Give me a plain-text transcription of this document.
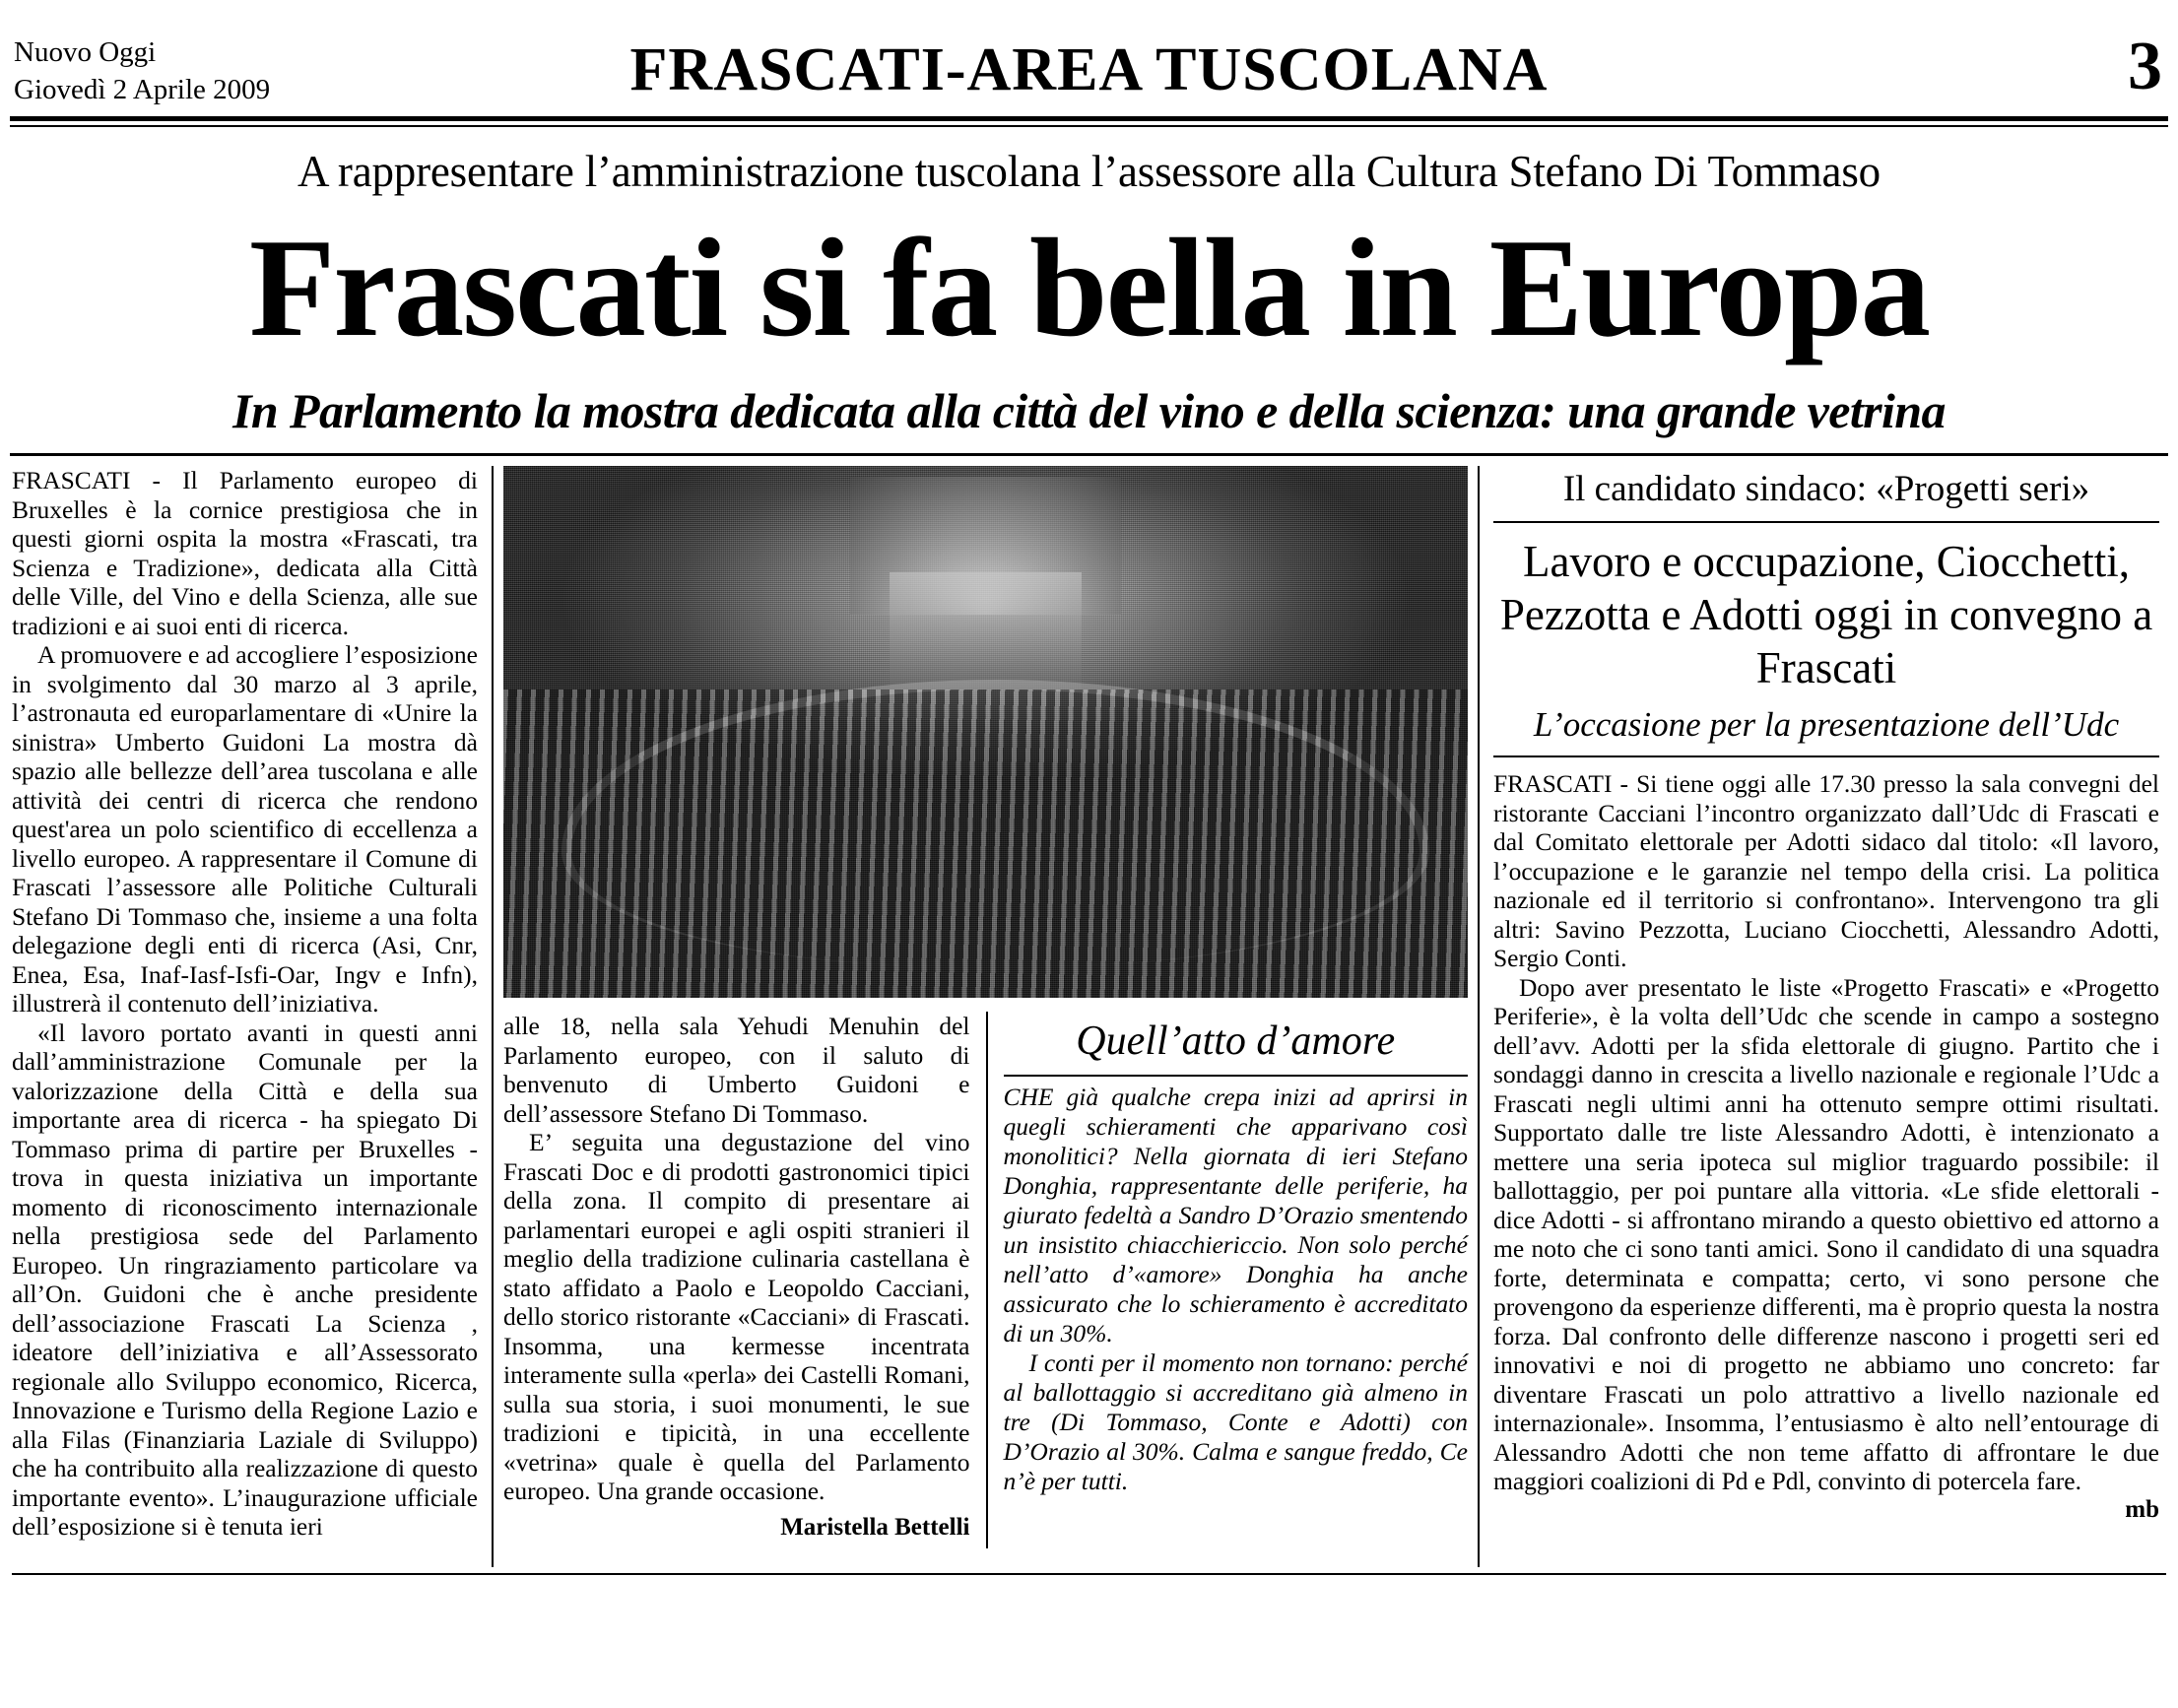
Nuovo Oggi
Giovedì 2 Aprile 2009	FRASCATI-AREA TUSCOLANA	3
A rappresentare l’amministrazione tuscolana l’assessore alla Cultura Stefano Di Tommaso
Frascati si fa bella in Europa
In Parlamento la mostra dedicata alla città del vino e della scienza: una grande vetrina

FRASCATI - Il Parlamento europeo di Bruxelles è la cornice prestigiosa che in questi giorni ospita la mostra «Frascati, tra Scienza e Tradizione», dedicata alla Città delle Ville, del Vino e della Scienza, alle sue tradizioni e ai suoi enti di ricerca.

A promuovere e ad accogliere l’esposizione in svolgimento dal 30 marzo al 3 aprile, l’astronauta ed europarlamentare di «Unire la sinistra» Umberto Guidoni La mostra dà spazio alle bellezze dell’area tuscolana e alle attività dei centri di ricerca che rendono quest'area un polo scientifico di eccellenza a livello europeo. A rappresentare il Comune di Frascati l’assessore alle Politiche Culturali Stefano Di Tommaso che, insieme a una folta delegazione degli enti di ricerca (Asi, Cnr, Enea, Esa, Inaf-Iasf-Isfi-Oar, Ingv e Infn), illustrerà il contenuto dell’iniziativa.

«Il lavoro portato avanti in questi anni dall’amministrazione Comunale per la valorizzazione della Città e della sua importante area di ricerca - ha spiegato Di Tommaso prima di partire per Bruxelles - trova in questa iniziativa un importante momento di riconoscimento internazionale nella prestigiosa sede del Parlamento Europeo. Un ringraziamento particolare va all’On. Guidoni che è anche presidente dell’associazione Frascati La Scienza , ideatore dell’iniziativa e all’Assessorato regionale allo Sviluppo economico, Ricerca, Innovazione e Turismo della Regione Lazio e alla Filas (Finanziaria Laziale di Sviluppo) che ha contribuito alla realizzazione di questo importante evento». L’inaugurazione ufficiale dell’esposizione si è tenuta ieri

alle 18, nella sala Yehudi Menuhin del Parlamento europeo, con il saluto di benvenuto di Umberto Guidoni e dell’assessore Stefano Di Tommaso.

E’ seguita una degustazione del vino Frascati Doc e di prodotti gastronomici tipici della zona. Il compito di presentare ai parlamentari europei e agli ospiti stranieri il meglio della tradizione culinaria castellana è stato affidato a Paolo e Leopoldo Cacciani, dello storico ristorante «Cacciani» di Frascati. Insomma, una kermesse incentrata interamente sulla «perla» dei Castelli Romani, sulla sua storia, i suoi monumenti, le sue tradizioni e tipicità, in una eccellente «vetrina» quale è quella del Parlamento europeo. Una grande occasione.

Maristella Bettelli
Quell’atto d’amore

CHE già qualche crepa inizi ad aprirsi in quegli schieramenti che apparivano così monolitici? Nella giornata di ieri Stefano Donghia, rappresentante delle periferie, ha giurato fedeltà a Sandro D’Orazio smentendo un insistito chiacchiericcio. Non solo perché nell’atto d’«amore» Donghia ha anche assicurato che lo schieramento è accreditato di un 30%.

I conti per il momento non tornano: perché al ballottaggio si accreditano già almeno in tre (Di Tommaso, Conte e Adotti) con D’Orazio al 30%. Calma e sangue freddo, Ce n’è per tutti.

Il candidato sindaco: «Progetti seri»
Lavoro e occupazione, Ciocchetti, Pezzotta e Adotti oggi in convegno a Frascati
L’occasione per la presentazione dell’Udc

FRASCATI - Si tiene oggi alle 17.30 presso la sala convegni del ristorante Cacciani l’incontro organizzato dall’Udc di Frascati e dal Comitato elettorale per Adotti sidaco dal titolo: «Il lavoro, l’occupazione e le garanzie nel tempo della crisi. La politica nazionale ed il territorio si confrontano». Intervengono tra gli altri: Savino Pezzotta, Luciano Ciocchetti, Alessandro Adotti, Sergio Conti.

Dopo aver presentato le liste «Progetto Frascati» e «Progetto Periferie», è la volta dell’Udc che scende in campo a sostegno dell’avv. Adotti per la sfida elettorale di giugno. Partito che i sondaggi danno in crescita a livello nazionale e regionale l’Udc a Frascati negli ultimi anni ha ottenuto sempre ottimi risultati. Supportato dalle tre liste Alessandro Adotti, è intenzionato a mettere una seria ipoteca sul miglior traguardo possibile: il ballottaggio, per poi puntare alla vittoria. «Le sfide elettorali - dice Adotti - si affrontano mirando a questo obiettivo ed attorno a me noto che ci sono tanti amici. Sono il candidato di una squadra forte, determinata e compatta; certo, vi sono persone che provengono da esperienze differenti, ma è proprio questa la nostra forza. Dal confronto delle differenze nascono i progetti seri ed innovativi e noi di progetto ne abbiamo uno concreto: far diventare Frascati un polo attrattivo a livello nazionale ed internazionale». Insomma, l’entusiasmo è alto nell’entourage di Alessandro Adotti che non teme affatto di affrontare le due maggiori coalizioni di Pd e Pdl, convinto di potercela fare.

mb
